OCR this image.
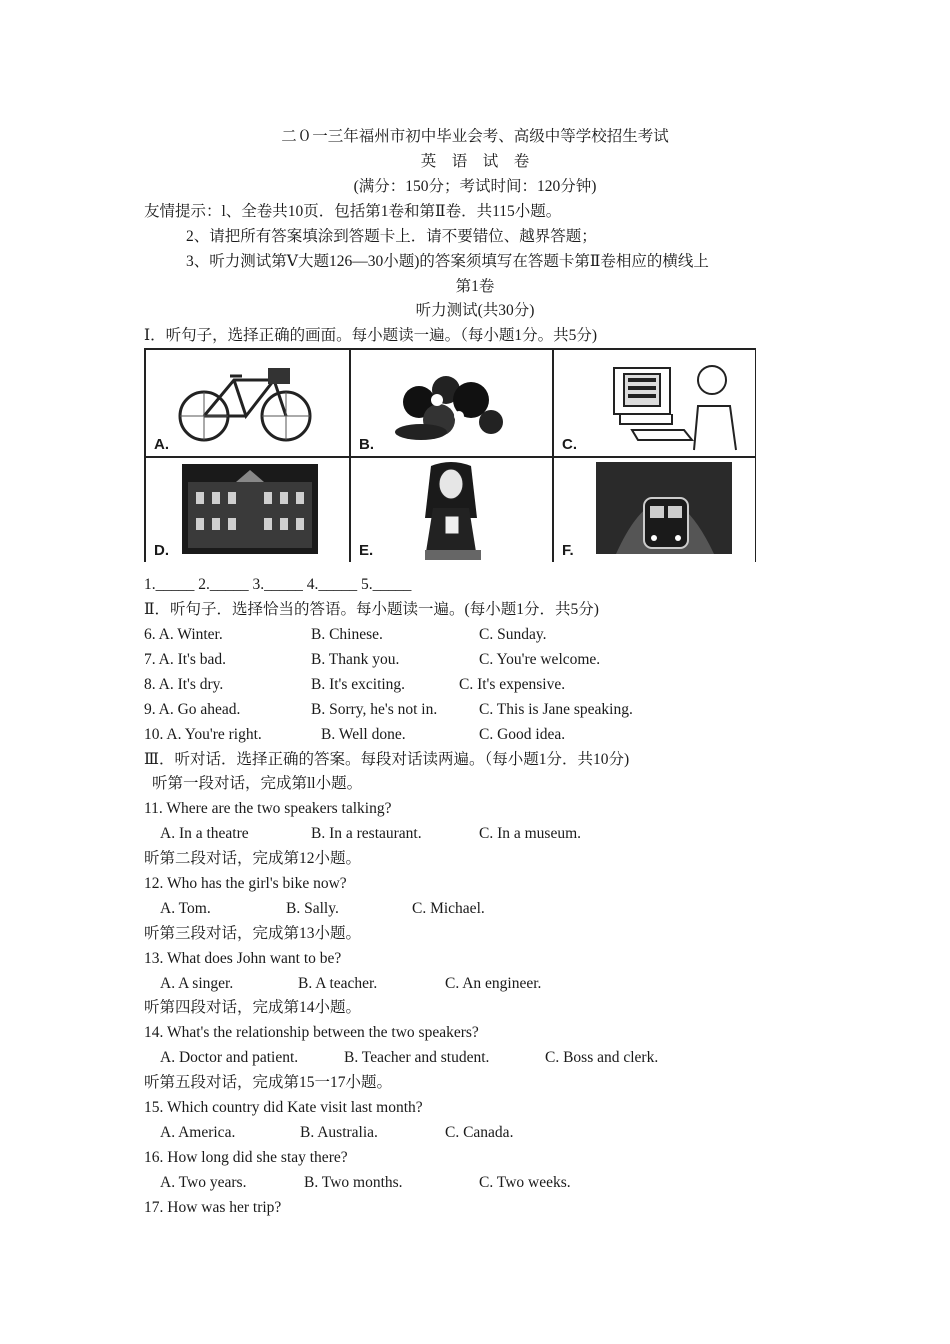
二０一三年福州市初中毕业会考、高级中等学校招生考试
英　语　试　卷
(满分：150分；考试时间：120分钟)
友情提示：l、全卷共10页．包括第1卷和第Ⅱ卷．共115小题。
2、请把所有答案填涂到答题卡上．请不要错位、越界答题；
3、听力测试第Ⅴ大题126—30小题)的答案须填写在答题卡第Ⅱ卷相应的横线上
第1卷
听力测试(共30分)
Ⅰ．听句子，选择正确的画面。每小题读一遍。（每小题1分。共5分)
A.	B.	C.
D.	E.	F.
1._____ 2._____ 3._____ 4._____ 5._____
Ⅱ．听句子．选择恰当的答语。每小题读一遍。(每小题1分．共5分)
6. A. Winter.	B. Chinese.	C. Sunday.
7. A. It's bad.	B. Thank you.	C. You're welcome.
8. A. It's dry.	B. It's exciting.	C. It's expensive.
9. A. Go ahead.	B. Sorry, he's not in.	C. This is Jane speaking.
10. A. You're right.	B. Well done.	C. Good idea.
Ⅲ．听对话．选择正确的答案。每段对话读两遍。（每小题1分．共10分)
听第一段对话，完成第ll小题。
11. Where are the two speakers talking?
A. In a theatre	B. In a restaurant.	C. In a museum.
昕第二段对话，完成第12小题。
12. Who has the girl's bike now?
A. Tom.	B. Sally.	C. Michael.
听第三段对话，完成第13小题。
13. What does John want to be?
A. A singer.	B. A teacher.	C. An engineer.
听第四段对话，完成第14小题。
14. What's the relationship between the two speakers?
A. Doctor and patient.	B. Teacher and student.	C. Boss and clerk.
听第五段对话，完成第15一17小题。
15. Which country did Kate visit last month?
A. America.	B. Australia.	C. Canada.
16. How long did she stay there?
A. Two years.	B. Two months.	C. Two weeks.
17. How was her trip?
